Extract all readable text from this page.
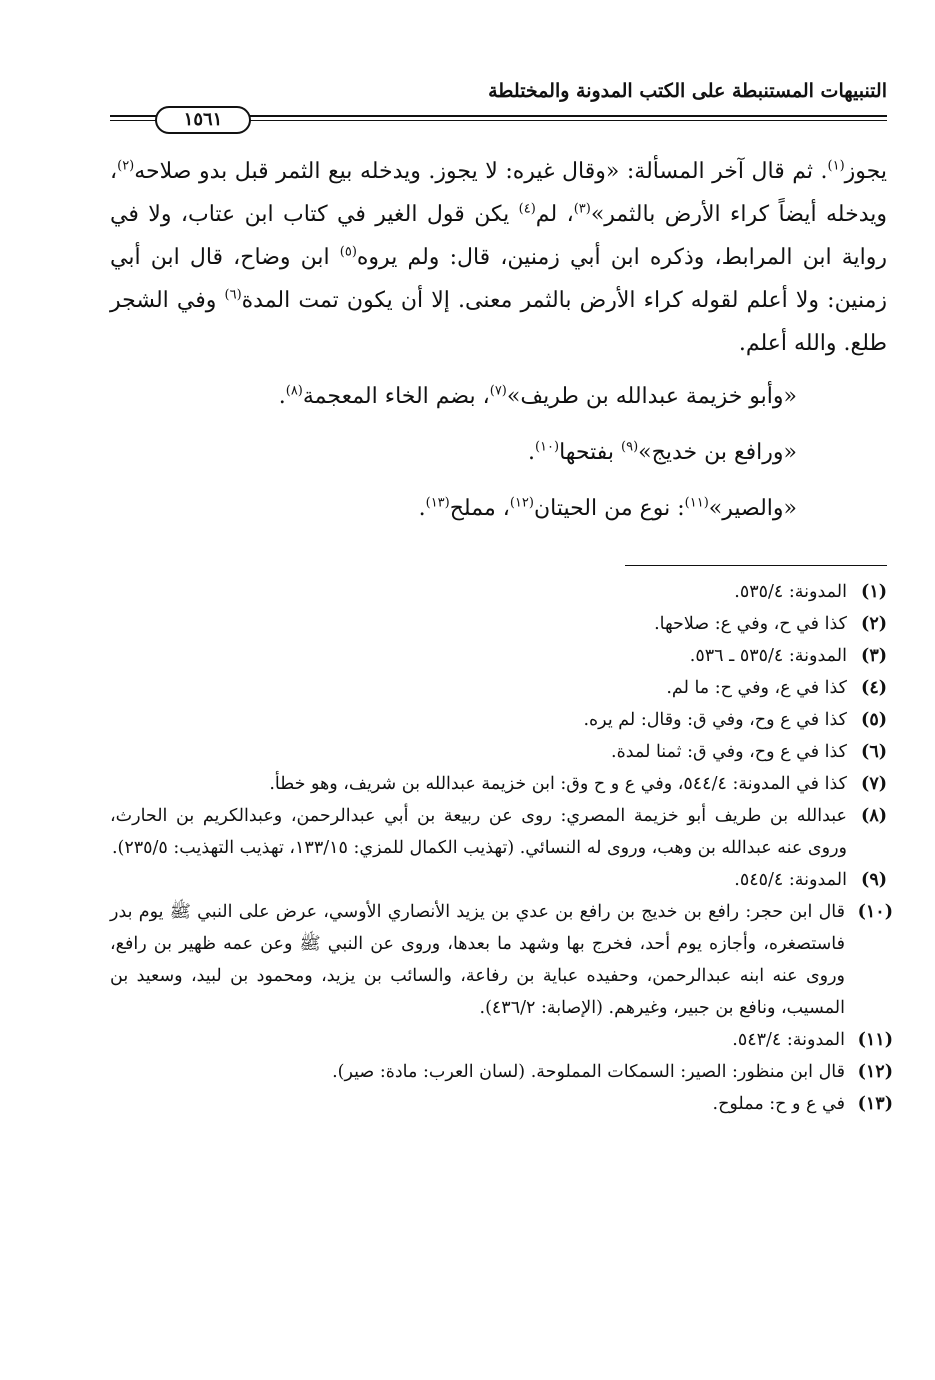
التنبيهات المستنبطة على الكتب المدونة والمختلطة
١٥٦١
يجوز$^{(١)}$. ثم قال آخر المسألة: «وقال غيره: لا يجوز. ويدخله بيع الثمر قبل بدو صلاحه$^{(٢)}$، ويدخله أيضاً كراء الأرض بالثمر»$^{(٣)}$، لم$^{(٤)}$ يكن قول الغير في كتاب ابن عتاب، ولا في رواية ابن المرابط، وذكره ابن أبي زمنين، قال: ولم يروه$^{(٥)}$ ابن وضاح، قال ابن أبي زمنين: ولا أعلم لقوله كراء الأرض بالثمر معنى. إلا أن يكون تمت المدة$^{(٦)}$ وفي الشجر طلع. والله أعلم.
«وأبو خزيمة عبدالله بن طريف»$^{(٧)}$، بضم الخاء المعجمة$^{(٨)}$.
«ورافع بن خديج»$^{(٩)}$ بفتحها$^{(١٠)}$.
«والصير»$^{(١١)}$: نوع من الحيتان$^{(١٢)}$، مملح$^{(١٣)}$.
(١)
المدونة: ٥٣٥/٤.
(٢)
كذا في ح، وفي ع: صلاحها.
(٣)
المدونة: ٥٣٥/٤ ـ ٥٣٦.
(٤)
كذا في ع، وفي ح: ما لم.
(٥)
كذا في ع وح، وفي ق: وقال: لم يره.
(٦)
كذا في ع وح، وفي ق: ثمنا لمدة.
(٧)
كذا في المدونة: ٥٤٤/٤، وفي ع و ح وق: ابن خزيمة عبدالله بن شريف، وهو خطأ.
(٨)
عبدالله بن طريف أبو خزيمة المصري: روى عن ربيعة بن أبي عبدالرحمن، وعبدالكريم بن الحارث، وروى عنه عبدالله بن وهب، وروى له النسائي. (تهذيب الكمال للمزي: ١٣٣/١٥، تهذيب التهذيب: ٢٣٥/٥).
(٩)
المدونة: ٥٤٥/٤.
(١٠)
قال ابن حجر: رافع بن خديج بن رافع بن عدي بن يزيد الأنصاري الأوسي، عرض على النبي ﷺ يوم بدر فاستصغره، وأجازه يوم أحد، فخرج بها وشهد ما بعدها، وروى عن النبي ﷺ وعن عمه ظهير بن رافع، وروى عنه ابنه عبدالرحمن، وحفيده عباية بن رفاعة، والسائب بن يزيد، ومحمود بن لبيد، وسعيد بن المسيب، ونافع بن جبير، وغيرهم. (الإصابة: ٤٣٦/٢).
(١١)
المدونة: ٥٤٣/٤.
(١٢)
قال ابن منظور: الصير: السمكات المملوحة. (لسان العرب: مادة: صير).
(١٣)
في ع و ح: مملوح.
